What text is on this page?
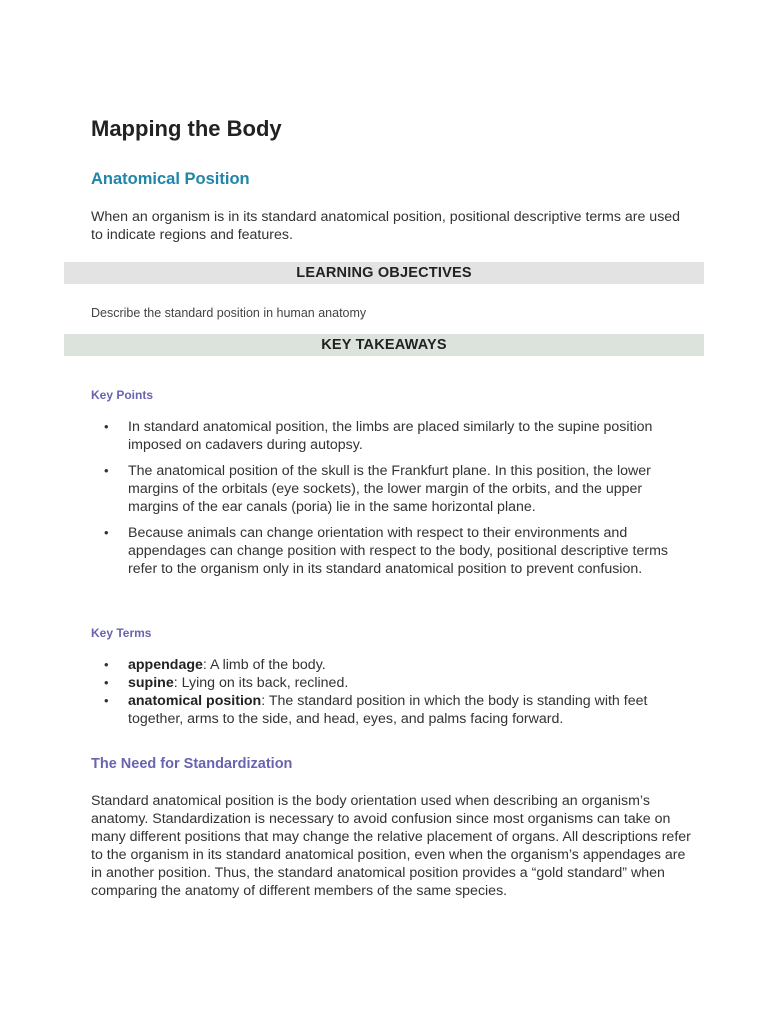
Mapping the Body
Anatomical Position

When an organism is in its standard anatomical position, positional descriptive terms are used to indicate regions and features.

LEARNING OBJECTIVES
Describe the standard position in human anatomy
KEY TAKEAWAYS
Key Points
• In standard anatomical position, the limbs are placed similarly to the supine position imposed on cadavers during autopsy.
• The anatomical position of the skull is the Frankfurt plane. In this position, the lower margins of the orbitals (eye sockets), the lower margin of the orbits, and the upper margins of the ear canals (poria) lie in the same horizontal plane.
• Because animals can change orientation with respect to their environments and appendages can change position with respect to the body, positional descriptive terms refer to the organism only in its standard anatomical position to prevent confusion.
Key Terms
• appendage: A limb of the body.
• supine: Lying on its back, reclined.
• anatomical position: The standard position in which the body is standing with feet together, arms to the side, and head, eyes, and palms facing forward.
The Need for Standardization

Standard anatomical position is the body orientation used when describing an organism’s anatomy. Standardization is necessary to avoid confusion since most organisms can take on many different positions that may change the relative placement of organs. All descriptions refer to the organism in its standard anatomical position, even when the organism’s appendages are in another position. Thus, the standard anatomical position provides a “gold standard” when comparing the anatomy of different members of the same species.
